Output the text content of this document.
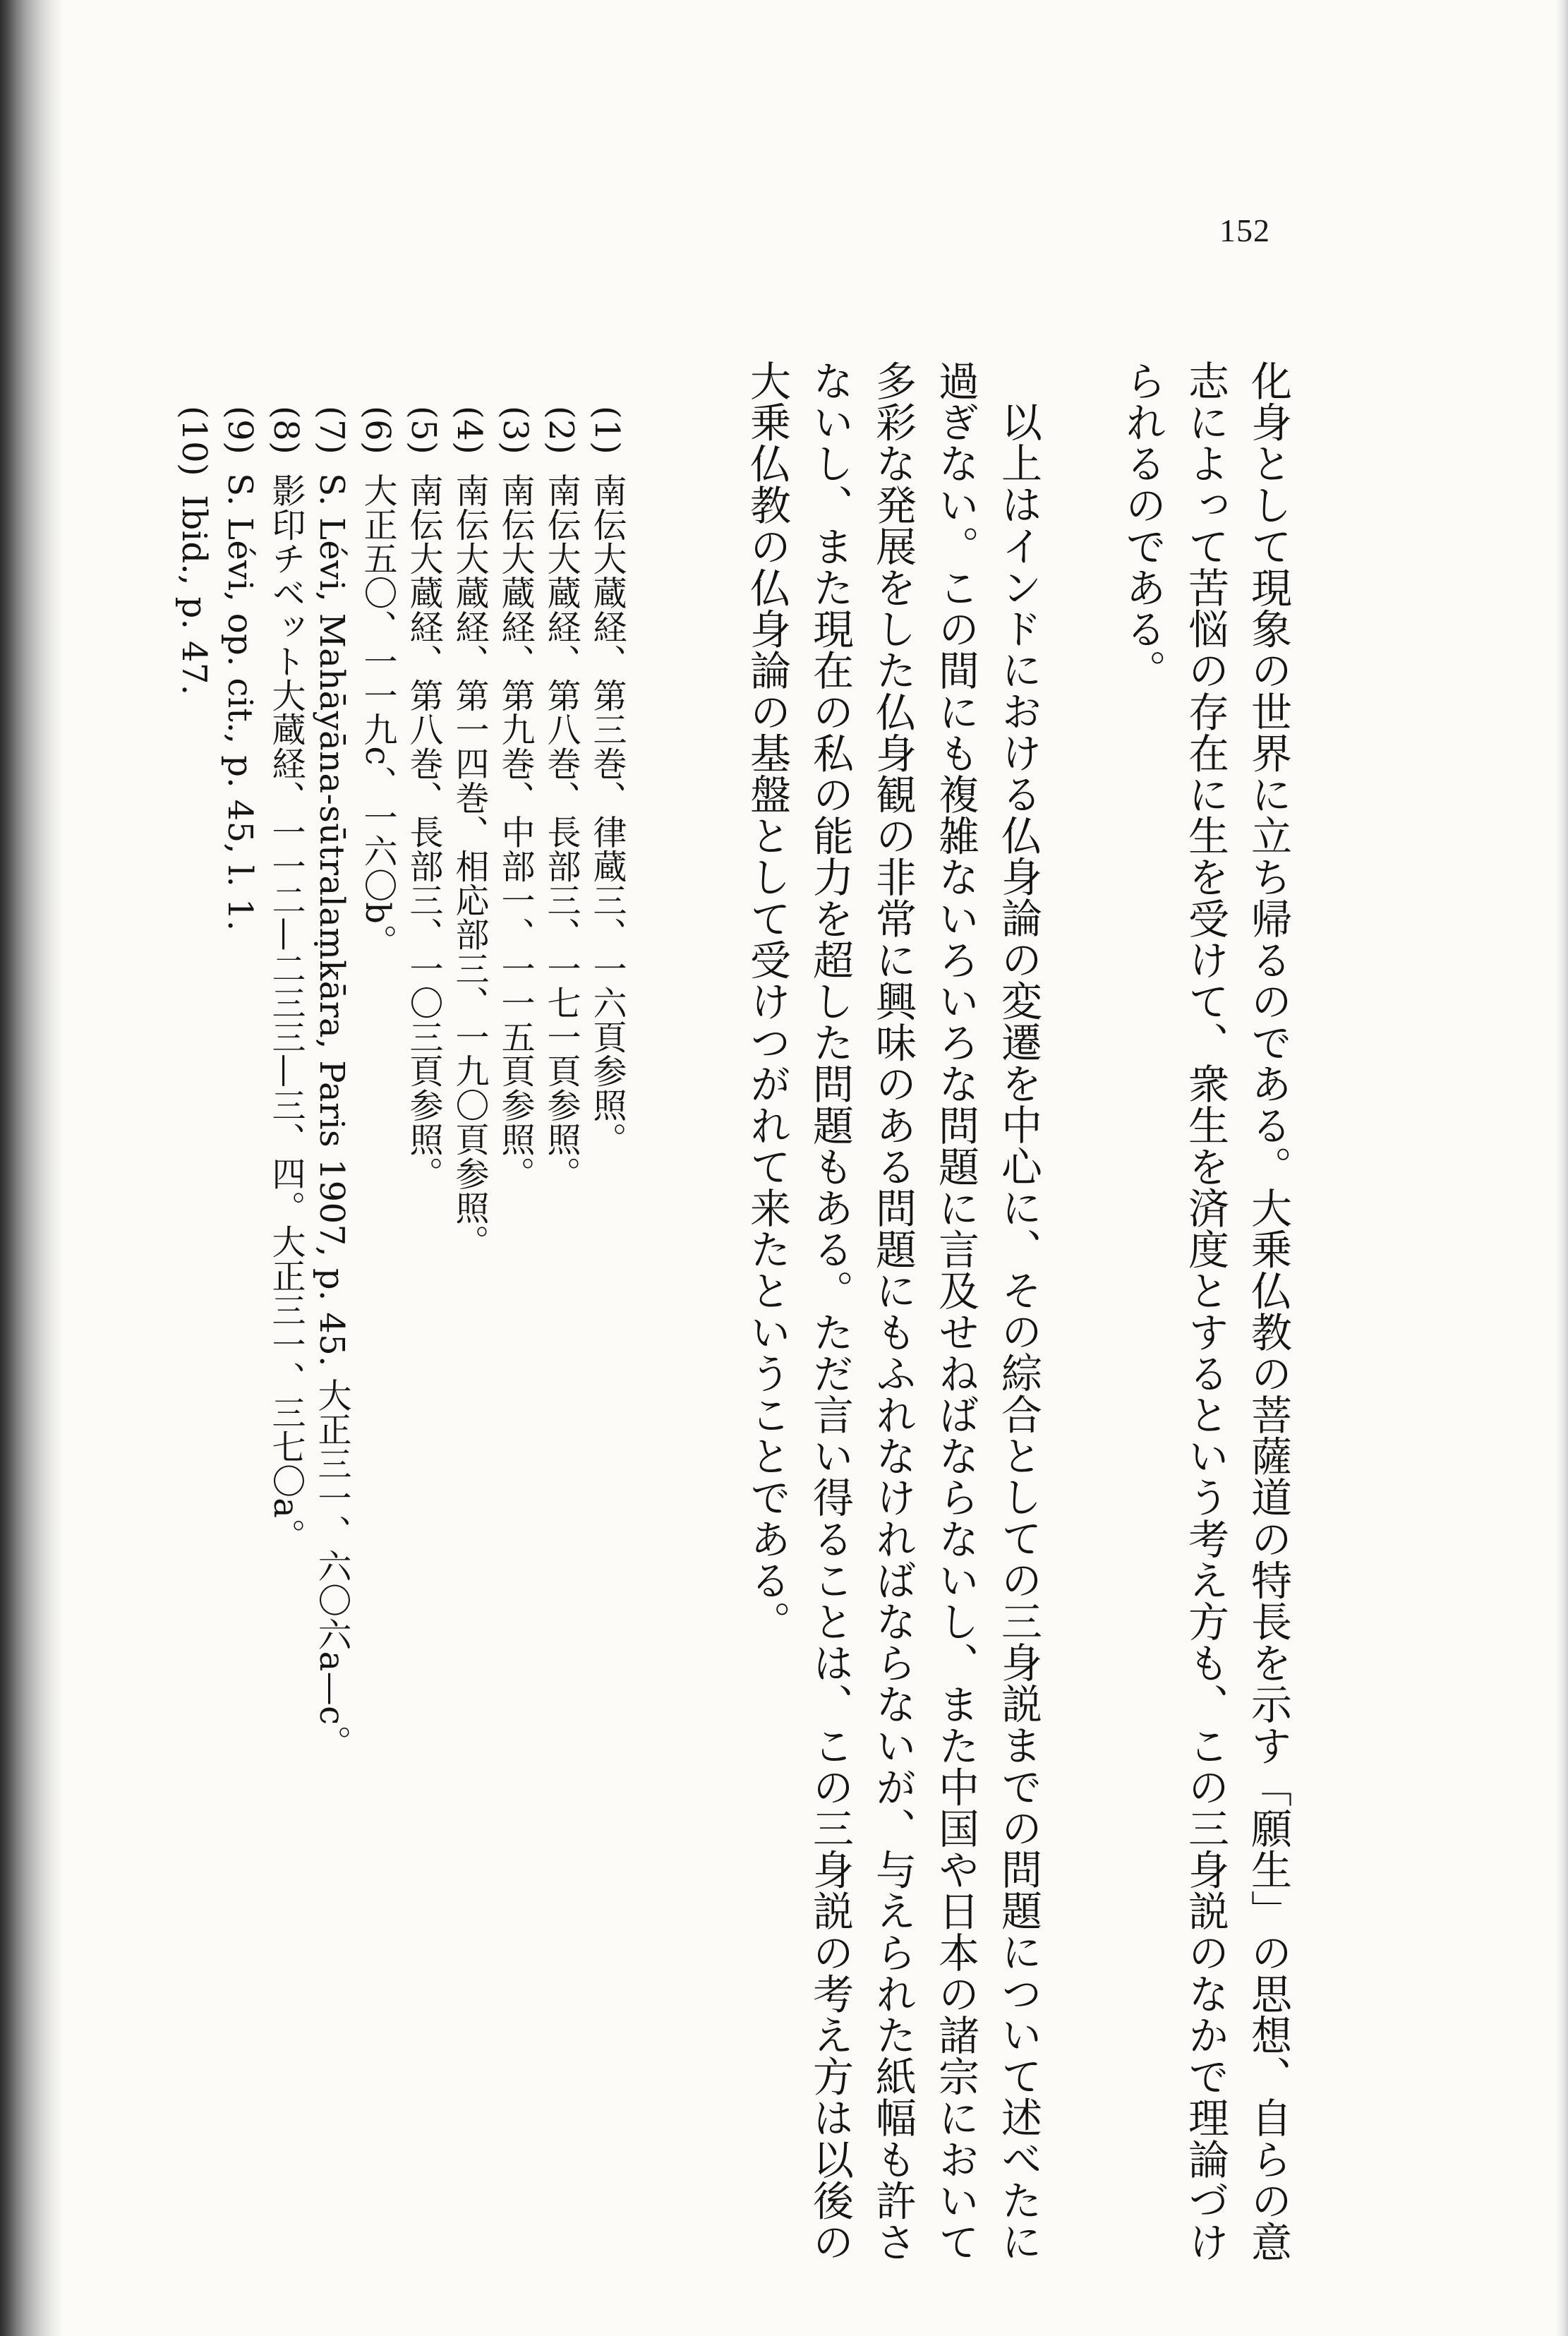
152
化身として現象の世界に立ち帰るのである。大乗仏教の菩薩道の特長を示す「願生」の思想、自らの意
志によって苦悩の存在に生を受けて、衆生を済度とするという考え方も、この三身説のなかで理論づけ
られるのである。
以上はインドにおける仏身論の変遷を中心に、その綜合としての三身説までの問題について述べたに
過ぎない。この間にも複雑ないろいろな問題に言及せねばならないし、また中国や日本の諸宗において
多彩な発展をした仏身観の非常に興味のある問題にもふれなければならないが、与えられた紙幅も許さ
ないし、また現在の私の能力を超した問題もある。ただ言い得ることは、この三身説の考え方は以後の
大乗仏教の仏身論の基盤として受けつがれて来たということである。
(1)南伝大蔵経、第三巻、律蔵三、一六頁参照。
(2)南伝大蔵経、第八巻、長部三、一七一頁参照。
(3)南伝大蔵経、第九巻、中部一、一一五頁参照。
(4)南伝大蔵経、第一四巻、相応部三、一九〇頁参照。
(5)南伝大蔵経、第八巻、長部三、一〇三頁参照。
(6)大正五〇、一一九c、一六〇b。
(7)S. Lévi, Mahāyāna-sūtralaṃkāra, Paris 1907, p. 45. 大正三一、六〇六a—c。
(8)影印チベット大蔵経、一一二—二三三—三、四。大正三一、三七〇a。
(9)S. Lévi, op. cit., p. 45, l. 1.
(10)Ibid., p. 47.
